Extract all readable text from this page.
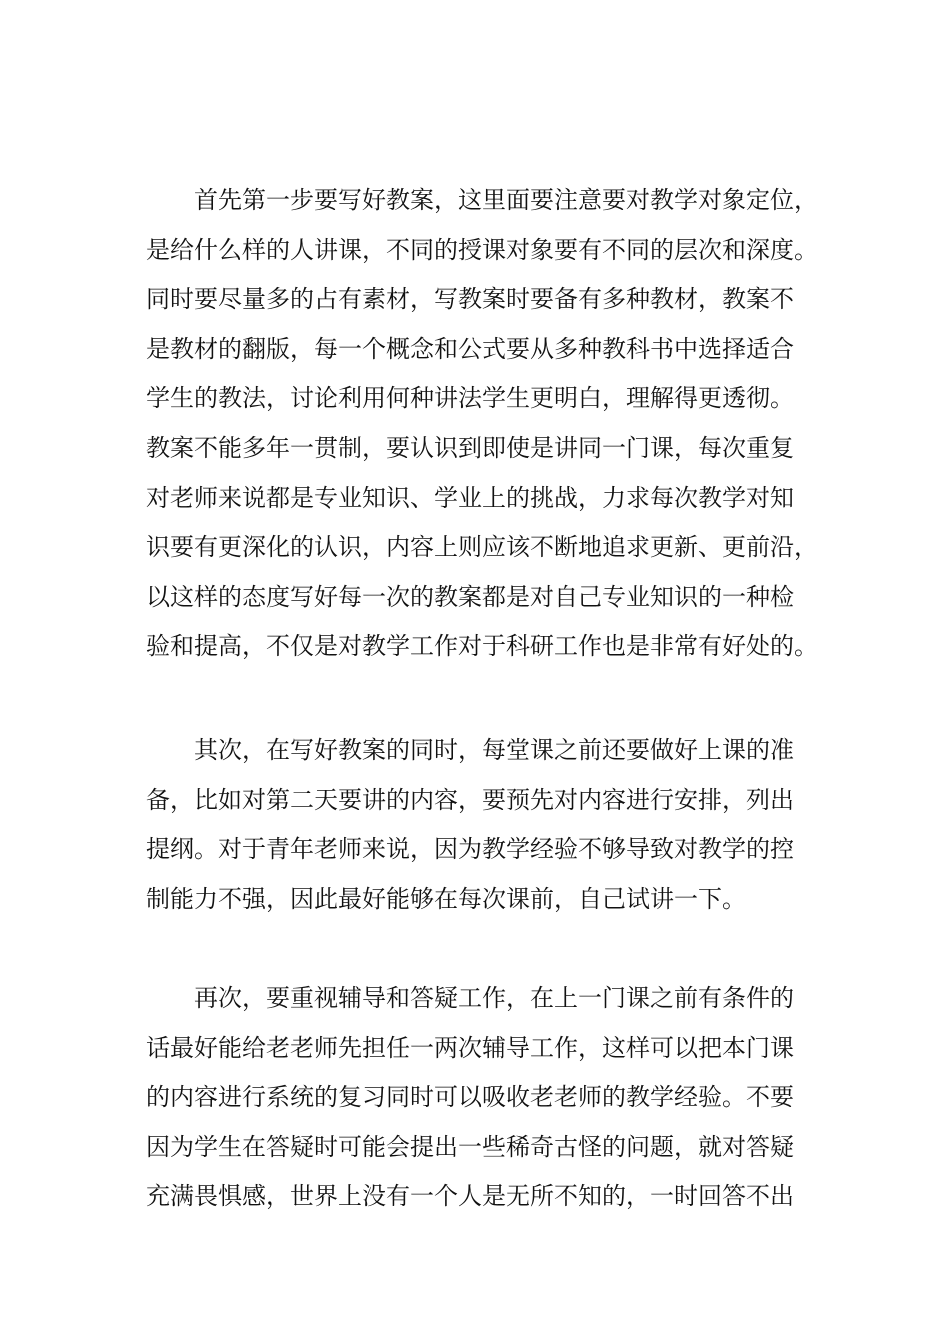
首先第一步要写好教案，这里面要注意要对教学对象定位，
是给什么样的人讲课，不同的授课对象要有不同的层次和深度。
同时要尽量多的占有素材，写教案时要备有多种教材，教案不
是教材的翻版，每一个概念和公式要从多种教科书中选择适合
学生的教法，讨论利用何种讲法学生更明白，理解得更透彻。
教案不能多年一贯制，要认识到即使是讲同一门课，每次重复
对老师来说都是专业知识、学业上的挑战，力求每次教学对知
识要有更深化的认识，内容上则应该不断地追求更新、更前沿，
以这样的态度写好每一次的教案都是对自己专业知识的一种检
验和提高，不仅是对教学工作对于科研工作也是非常有好处的。
其次，在写好教案的同时，每堂课之前还要做好上课的准
备，比如对第二天要讲的内容，要预先对内容进行安排，列出
提纲。对于青年老师来说，因为教学经验不够导致对教学的控
制能力不强，因此最好能够在每次课前，自己试讲一下。
再次，要重视辅导和答疑工作，在上一门课之前有条件的
话最好能给老老师先担任一两次辅导工作，这样可以把本门课
的内容进行系统的复习同时可以吸收老老师的教学经验。不要
因为学生在答疑时可能会提出一些稀奇古怪的问题，就对答疑
充满畏惧感，世界上没有一个人是无所不知的，一时回答不出
